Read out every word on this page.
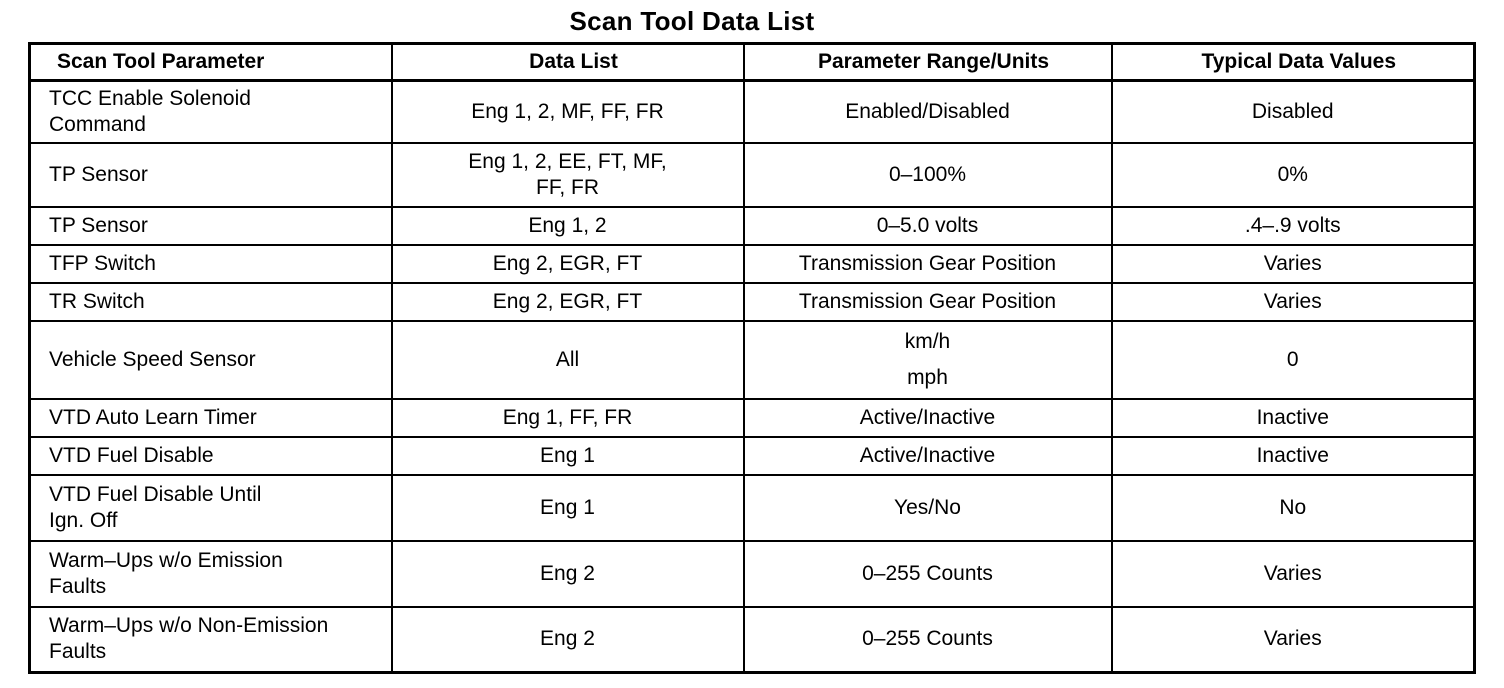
Scan Tool Data List
Scan Tool Parameter	Data List	Parameter Range/Units	Typical Data Values

TCC Enable Solenoid
Command	Eng 1, 2, MF, FF, FR	Enabled/Disabled	Disabled

TP Sensor	Eng 1, 2, EE, FT, MF,
FF, FR	0–100%	0%

TP Sensor	Eng 1, 2	0–5.0 volts	.4–.9 volts

TFP Switch	Eng 2, EGR, FT	Transmission Gear Position	Varies

TR Switch	Eng 2, EGR, FT	Transmission Gear Position	Varies

Vehicle Speed Sensor	All	km/h
mph	0

VTD Auto Learn Timer	Eng 1, FF, FR	Active/Inactive	Inactive

VTD Fuel Disable	Eng 1	Active/Inactive	Inactive

VTD Fuel Disable Until
Ign. Off	Eng 1	Yes/No	No

Warm–Ups w/o Emission
Faults	Eng 2	0–255 Counts	Varies

Warm–Ups w/o Non-Emission
Faults	Eng 2	0–255 Counts	Varies
